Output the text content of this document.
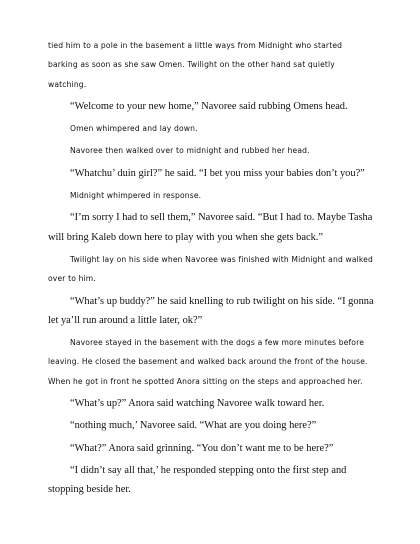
tied him to a pole in the basement a little ways from Midnight who started barking as soon as she saw Omen. Twilight on the other hand sat quietly watching.

“Welcome to your new home,” Navoree said rubbing Omens head.

Omen whimpered and lay down.

Navoree then walked over to midnight and rubbed her head.

“Whatchu’ duin girl?” he said. “I bet you miss your babies don’t you?”

Midnight whimpered in response.

“I’m sorry I had to sell them,” Navoree said. “But I had to. Maybe Tasha will bring Kaleb down here to play with you when she gets back.”

Twilight lay on his side when Navoree was finished with Midnight and walked over to him.

“What’s up buddy?” he said knelling to rub twilight on his side. “I gonna let ya’ll run around a little later, ok?”

Navoree stayed in the basement with the dogs a few more minutes before leaving. He closed the basement and walked back around the front of the house. When he got in front he spotted Anora sitting on the steps and approached her.

“What’s up?” Anora said watching Navoree walk toward her.

“nothing much,’ Navoree said. “What are you doing here?”

“What?” Anora said grinning. “You don’t want me to be here?”

“I didn’t say all that,’ he responded stepping onto the first step and stopping beside her.
